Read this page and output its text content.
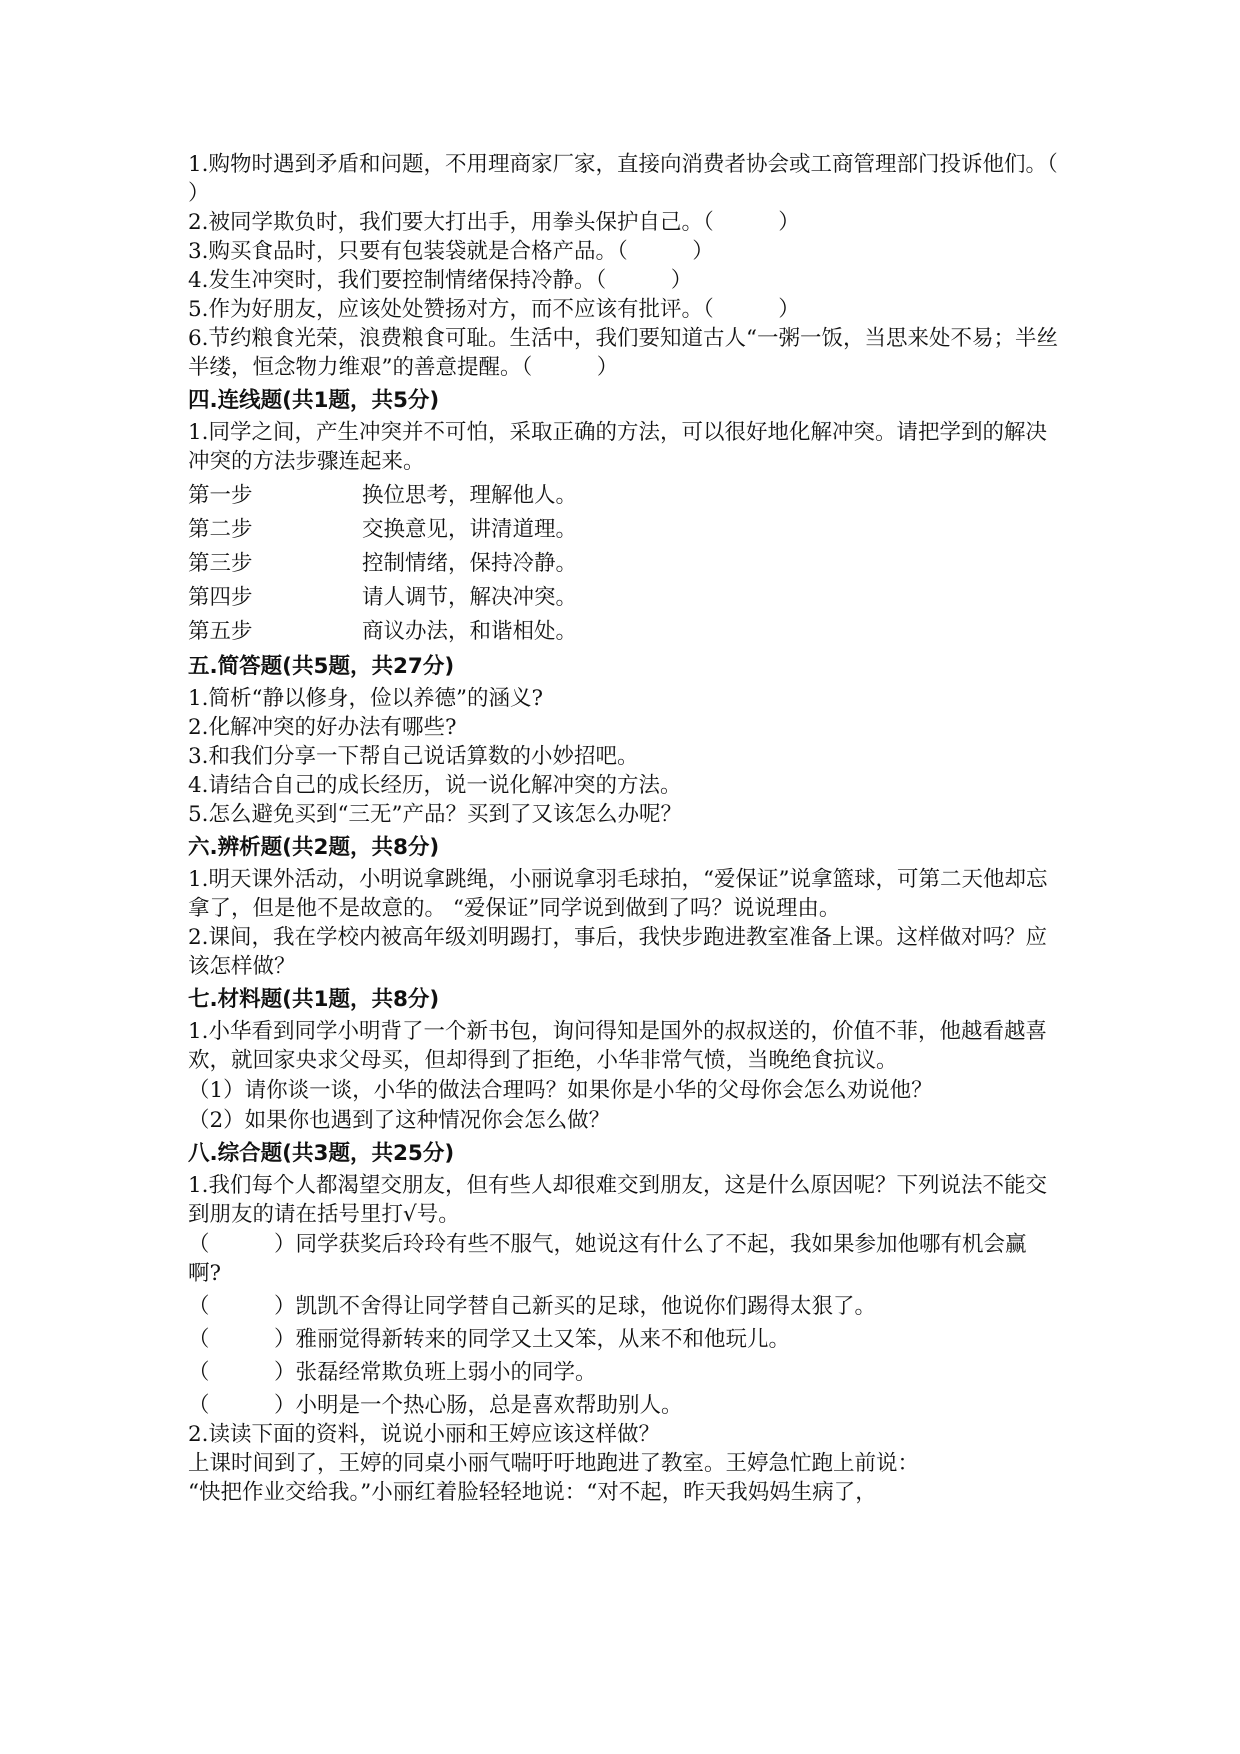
1.购物时遇到矛盾和问题，不用理商家厂家，直接向消费者协会或工商管理部门投诉他们。（　　　）
2.被同学欺负时，我们要大打出手，用拳头保护自己。（　　　）
3.购买食品时，只要有包装袋就是合格产品。（　　　）
4.发生冲突时，我们要控制情绪保持冷静。（　　　）
5.作为好朋友，应该处处赞扬对方，而不应该有批评。（　　　）
6.节约粮食光荣，浪费粮食可耻。生活中，我们要知道古人“一粥一饭，当思来处不易；半丝半缕，恒念物力维艰”的善意提醒。（　　　）
四.连线题(共1题，共5分)
1.同学之间，产生冲突并不可怕，采取正确的方法，可以很好地化解冲突。请把学到的解决冲突的方法步骤连起来。
第一步	换位思考，理解他人。
第二步	交换意见，讲清道理。
第三步	控制情绪，保持冷静。
第四步	请人调节，解决冲突。
第五步	商议办法，和谐相处。
五.简答题(共5题，共27分)
1.简析“静以修身，俭以养德”的涵义?
2.化解冲突的好办法有哪些?
3.和我们分享一下帮自己说话算数的小妙招吧。
4.请结合自己的成长经历，说一说化解冲突的方法。
5.怎么避免买到“三无”产品？买到了又该怎么办呢？
六.辨析题(共2题，共8分)
1.明天课外活动，小明说拿跳绳，小丽说拿羽毛球拍，“爱保证”说拿篮球，可第二天他却忘拿了，但是他不是故意的。 “爱保证”同学说到做到了吗？说说理由。
2.课间，我在学校内被高年级刘明踢打，事后，我快步跑进教室准备上课。这样做对吗？应该怎样做？
七.材料题(共1题，共8分)
1.小华看到同学小明背了一个新书包，询问得知是国外的叔叔送的，价值不菲，他越看越喜欢，就回家央求父母买，但却得到了拒绝，小华非常气愤，当晚绝食抗议。
（1）请你谈一谈，小华的做法合理吗？如果你是小华的父母你会怎么劝说他？
（2）如果你也遇到了这种情况你会怎么做？
八.综合题(共3题，共25分)
1.我们每个人都渴望交朋友，但有些人却很难交到朋友，这是什么原因呢？下列说法不能交到朋友的请在括号里打√号。
（　　　）同学获奖后玲玲有些不服气，她说这有什么了不起，我如果参加他哪有机会赢啊?
（　　　）凯凯不舍得让同学替自己新买的足球，他说你们踢得太狠了。
（　　　）雅丽觉得新转来的同学又土又笨，从来不和他玩儿。
（　　　）张磊经常欺负班上弱小的同学。
（　　　）小明是一个热心肠，总是喜欢帮助别人。
2.读读下面的资料，说说小丽和王婷应该这样做？
上课时间到了，王婷的同桌小丽气喘吁吁地跑进了教室。王婷急忙跑上前说：
“快把作业交给我。”小丽红着脸轻轻地说：“对不起，昨天我妈妈生病了，
